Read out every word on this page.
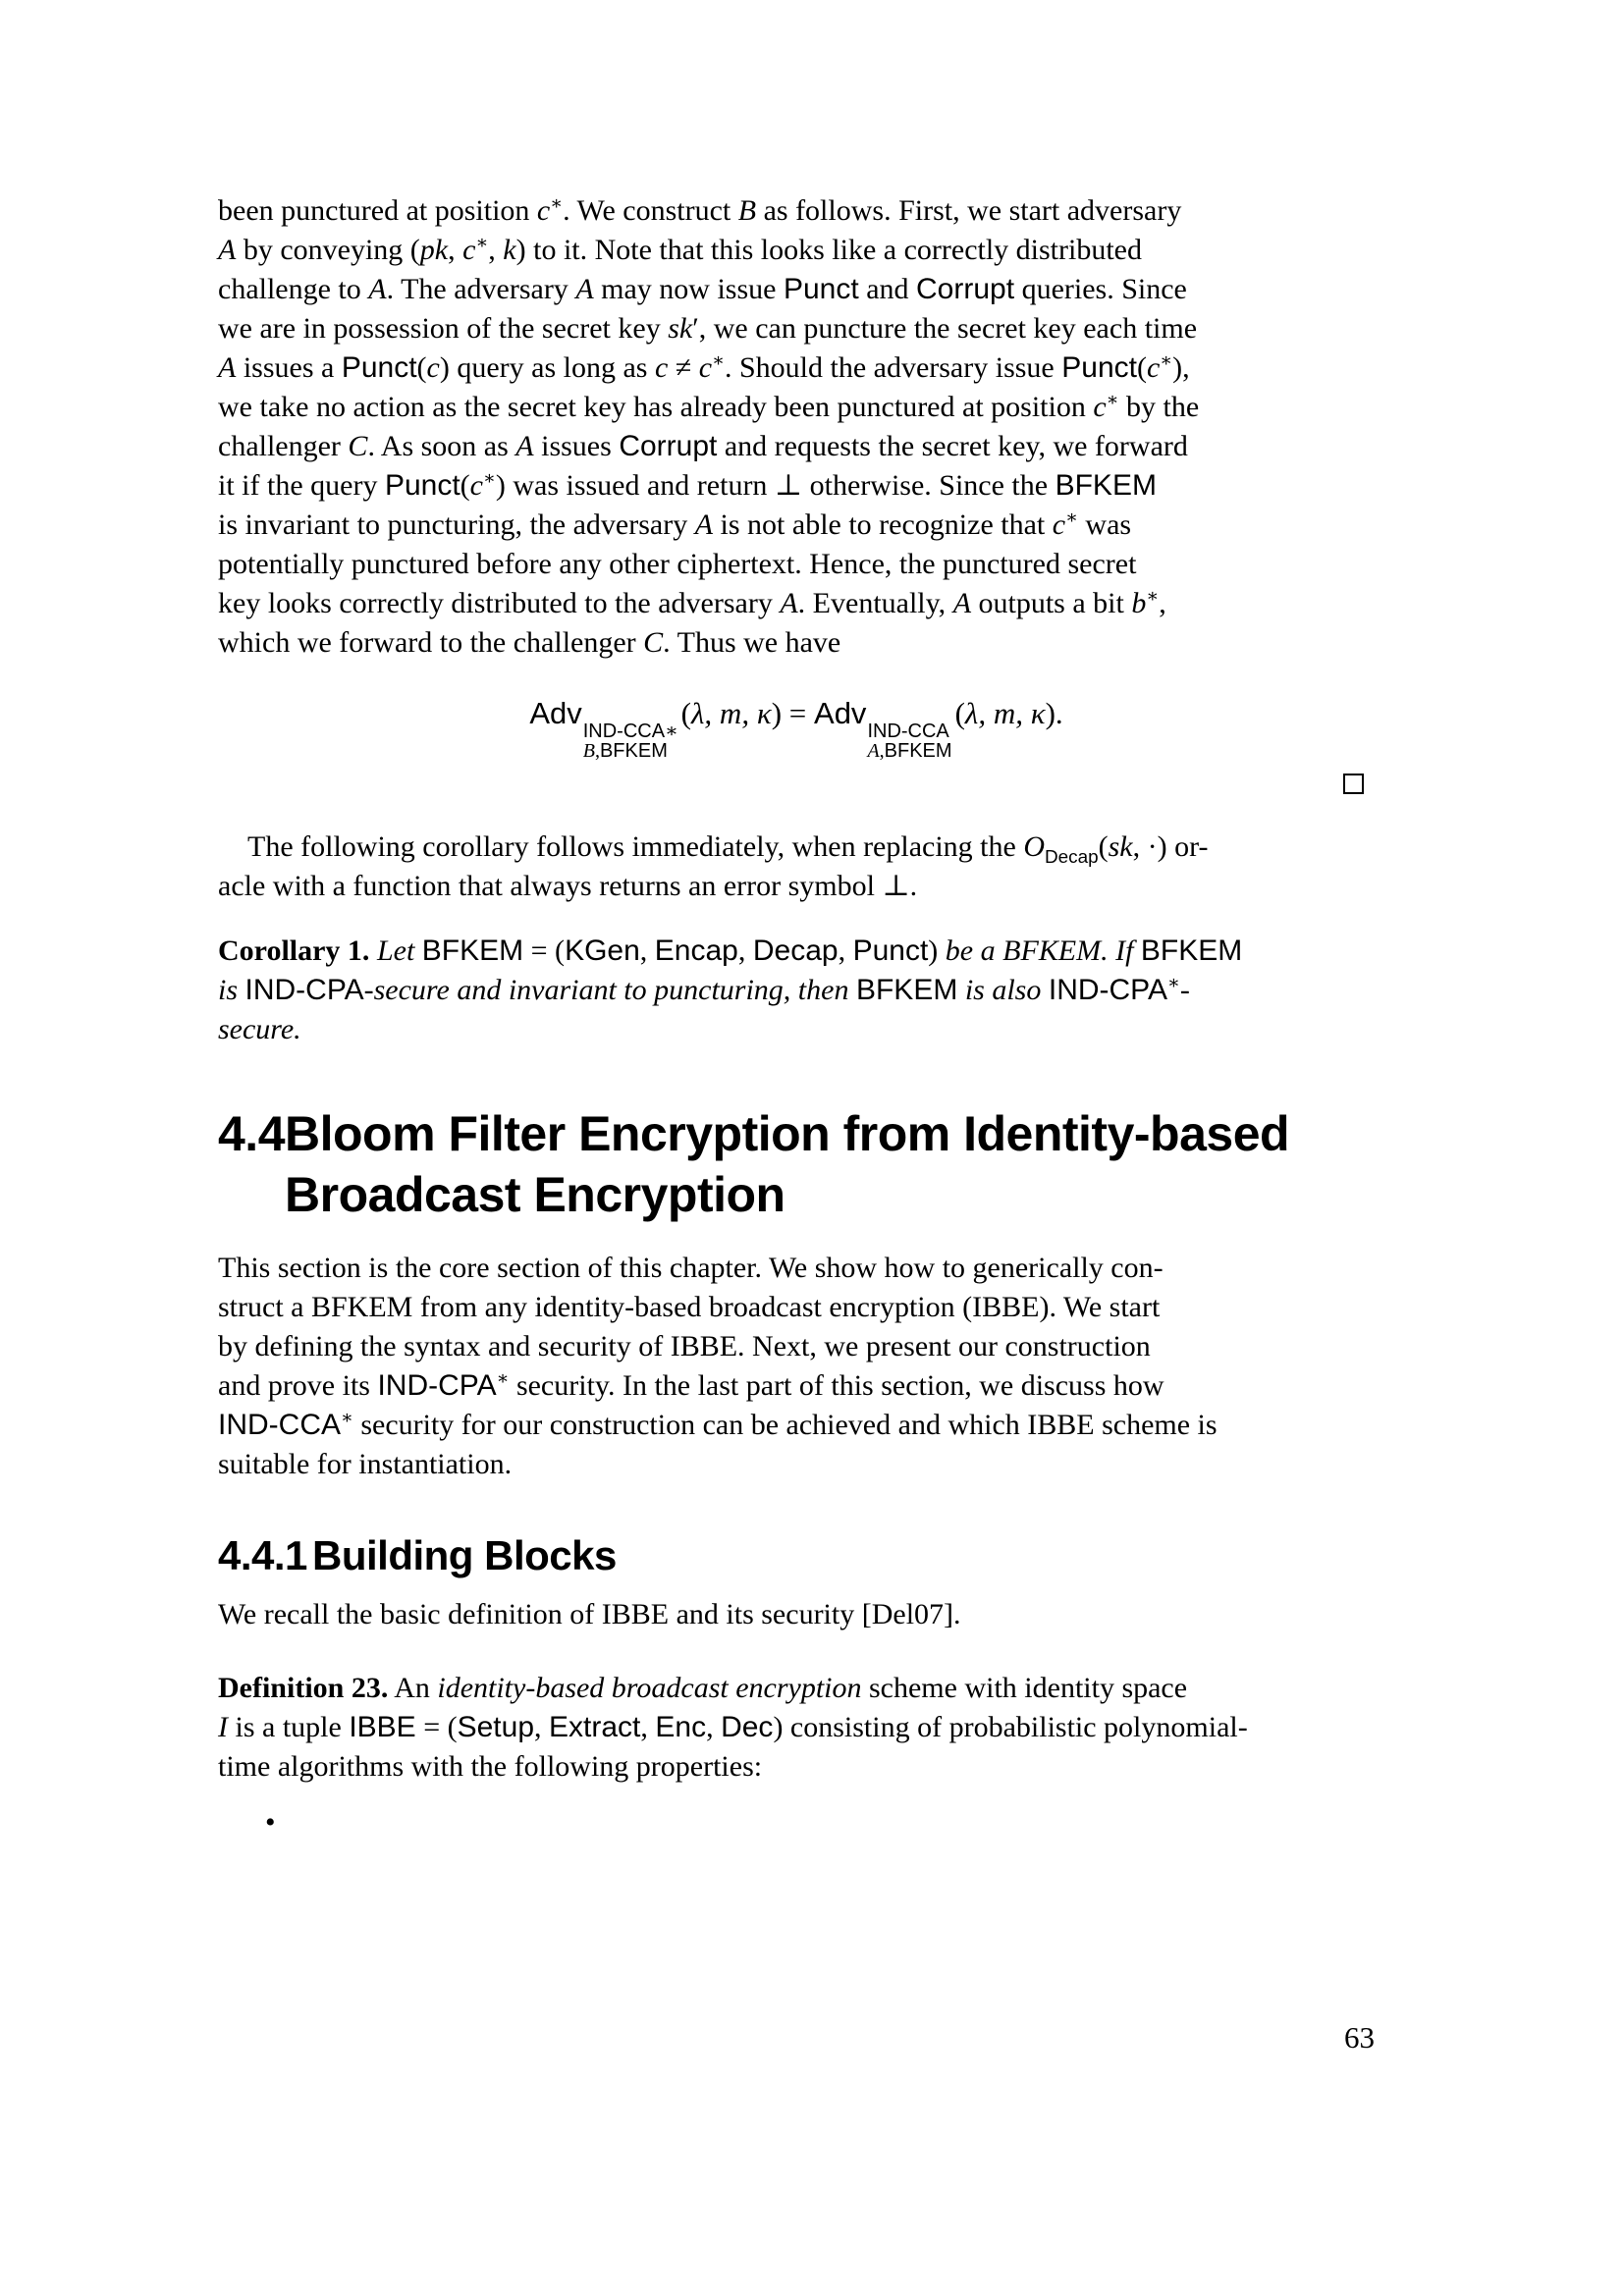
been punctured at position c∗. We construct B as follows. First, we start adversary
A by conveying (pk, c∗, k) to it. Note that this looks like a correctly distributed
challenge to A. The adversary A may now issue Punct and Corrupt queries. Since
we are in possession of the secret key sk′, we can puncture the secret key each time
A issues a Punct(c) query as long as c ≠ c∗. Should the adversary issue Punct(c∗),
we take no action as the secret key has already been punctured at position c∗ by the
challenger C. As soon as A issues Corrupt and requests the secret key, we forward
it if the query Punct(c∗) was issued and return ⊥ otherwise. Since the BFKEM
is invariant to puncturing, the adversary A is not able to recognize that c∗ was
potentially punctured before any other ciphertext. Hence, the punctured secret
key looks correctly distributed to the adversary A. Eventually, A outputs a bit b∗,
which we forward to the challenger C. Thus we have
Adv
IND-CCA∗
B,BFKEM
(λ, m, κ) = Adv
IND-CCA
A,BFKEM
(λ, m, κ).
The following corollary follows immediately, when replacing the $O_{Decap}(sk$, ·) or-
acle with a function that always returns an error symbol ⊥.
Corollary 1. Let BFKEM = (KGen, Encap, Decap, Punct) be a BFKEM. If BFKEM
is IND-CPA-secure and invariant to puncturing, then BFKEM is also IND-CPA∗-
secure.
4.4 Bloom Filter Encryption from Identity-based
Broadcast Encryption
This section is the core section of this chapter. We show how to generically con-
struct a BFKEM from any identity-based broadcast encryption (IBBE). We start
by defining the syntax and security of IBBE. Next, we present our construction
and prove its IND-CPA∗ security. In the last part of this section, we discuss how
IND-CCA∗ security for our construction can be achieved and which IBBE scheme is
suitable for instantiation.
4.4.1 Building Blocks
We recall the basic definition of IBBE and its security [Del07].
Definition 23. An identity-based broadcast encryption scheme with identity space
I is a tuple IBBE = (Setup, Extract, Enc, Dec) consisting of probabilistic polynomial-
time algorithms with the following properties:
•
63
